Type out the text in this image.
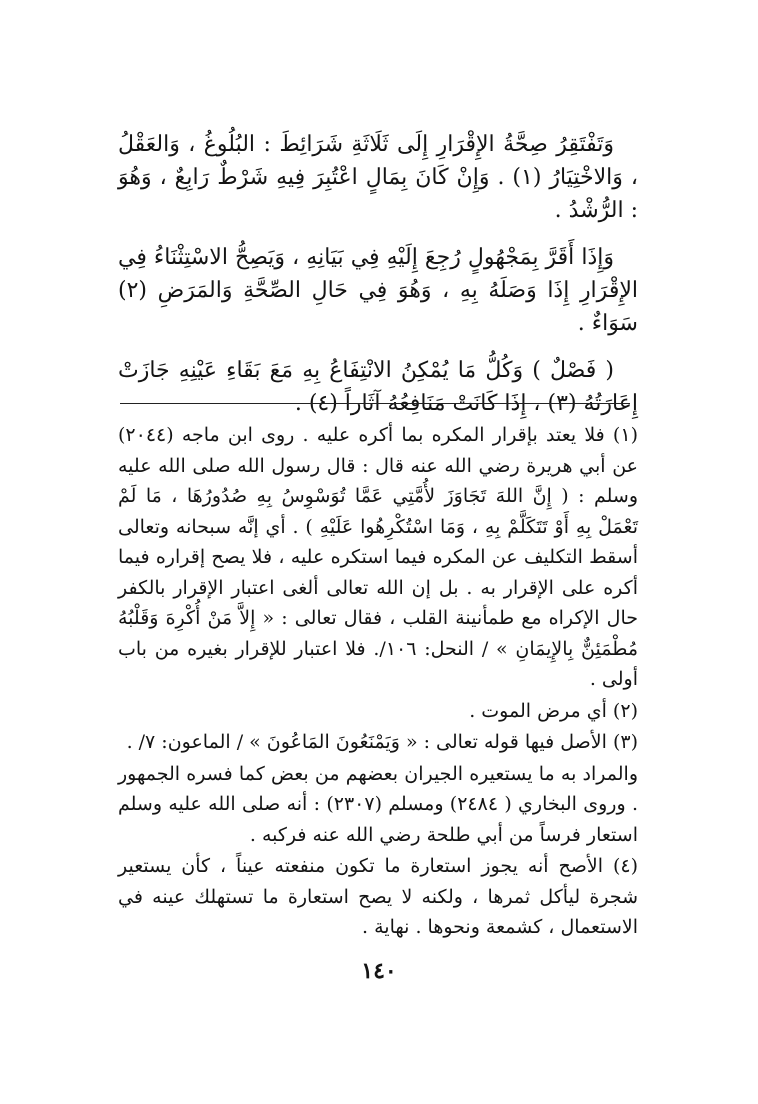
وَتَفْتَقِرُ صِحَّةُ الإِقْرَارِ إِلَى ثَلَاثَةِ شَرَائِطَ : البُلُوغُ ، وَالعَقْلُ ، وَالاخْتِيَارُ (١) . وَإِنْ كَانَ بِمَالٍ اعْتُبِرَ فِيهِ شَرْطٌ رَابِعٌ ، وَهُوَ : الرُّشْدُ .

وَإِذَا أَقَرَّ بِمَجْهُولٍ رُجِعَ إِلَيْهِ فِي بَيَانِهِ ، وَيَصِحُّ الاسْتِثْنَاءُ فِي الإِقْرَارِ إِذَا وَصَلَهُ بِهِ ، وَهُوَ فِي حَالِ الصِّحَّةِ وَالمَرَضِ (٢) سَوَاءٌ .

( فَصْلٌ ) وَكُلُّ مَا يُمْكِنُ الانْتِفَاعُ بِهِ مَعَ بَقَاءِ عَيْنِهِ جَازَتْ إِعَارَتُهُ (٣) ، إِذَا كَانَتْ مَنَافِعُهُ آثَاراً (٤) .

(١) فلا يعتد بإقرار المكره بما أكره عليه . روى ابن ماجه (٢٠٤٤) عن أبي هريرة رضي الله عنه قال : قال رسول الله صلى الله عليه وسلم : ( إِنَّ اللهَ تَجَاوَزَ لأُمَّتِي عَمَّا تُوَسْوِسُ بِهِ صُدُورُهَا ، مَا لَمْ تَعْمَلْ بِهِ أَوْ تَتَكَلَّمْ بِهِ ، وَمَا اسْتُكْرِهُوا عَلَيْهِ ) . أي إنَّه سبحانه وتعالى أسقط التكليف عن المكره فيما استكره عليه ، فلا يصح إقراره فيما أكره على الإقرار به . بل إن الله تعالى ألغى اعتبار الإقرار بالكفر حال الإكراه مع طمأنينة القلب ، فقال تعالى : « إِلاَّ مَنْ أُكْرِهَ وَقَلْبُهُ مُطْمَئِنٌّ بِالإِيمَانِ » / النحل: ١٠٦/. فلا اعتبار للإقرار بغيره من باب أولى .

(٢) أي مرض الموت .

(٣) الأصل فيها قوله تعالى : « وَيَمْنَعُونَ المَاعُونَ » / الماعون: ٧/ .

والمراد به ما يستعيره الجيران بعضهم من بعض كما فسره الجمهور . وروى البخاري ( ٢٤٨٤) ومسلم (٢٣٠٧) : أنه صلى الله عليه وسلم استعار فرساً من أبي طلحة رضي الله عنه فركبه .

(٤) الأصح أنه يجوز استعارة ما تكون منفعته عيناً ، كأن يستعير شجرة ليأكل ثمرها ، ولكنه لا يصح استعارة ما تستهلك عينه في الاستعمال ، كشمعة ونحوها . نهاية .

١٤٠
